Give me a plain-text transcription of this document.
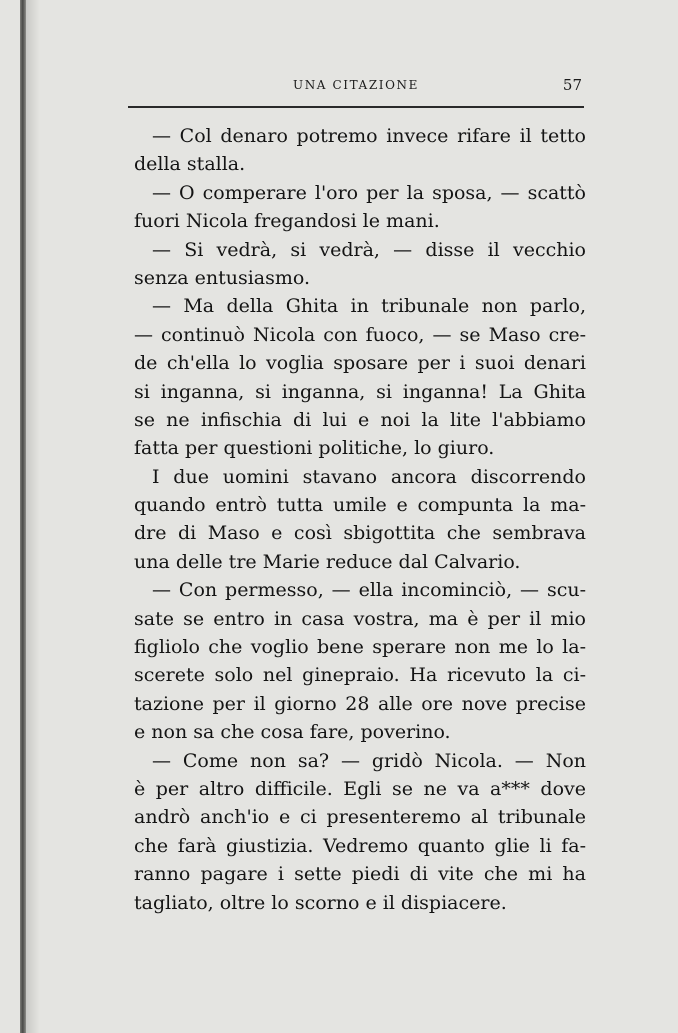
UNA CITAZIONE	57
— Col denaro potremo invece rifare il tetto
della stalla.
— O comperare l'oro per la sposa, — scattò
fuori Nicola fregandosi le mani.
— Si vedrà, si vedrà, — disse il vecchio
senza entusiasmo.
— Ma della Ghita in tribunale non parlo,
— continuò Nicola con fuoco, — se Maso cre-
de ch'ella lo voglia sposare per i suoi denari
si inganna, si inganna, si inganna! La Ghita
se ne infischia di lui e noi la lite l'abbiamo
fatta per questioni politiche, lo giuro.
I due uomini stavano ancora discorrendo
quando entrò tutta umile e compunta la ma-
dre di Maso e così sbigottita che sembrava
una delle tre Marie reduce dal Calvario.
— Con permesso, — ella incominciò, — scu-
sate se entro in casa vostra, ma è per il mio
figliolo che voglio bene sperare non me lo la-
scerete solo nel ginepraio. Ha ricevuto la ci-
tazione per il giorno 28 alle ore nove precise
e non sa che cosa fare, poverino.
— Come non sa? — gridò Nicola. — Non
è per altro difficile. Egli se ne va a*** dove
andrò anch'io e ci presenteremo al tribunale
che farà giustizia. Vedremo quanto glie li fa-
ranno pagare i sette piedi di vite che mi ha
tagliato, oltre lo scorno e il dispiacere.
